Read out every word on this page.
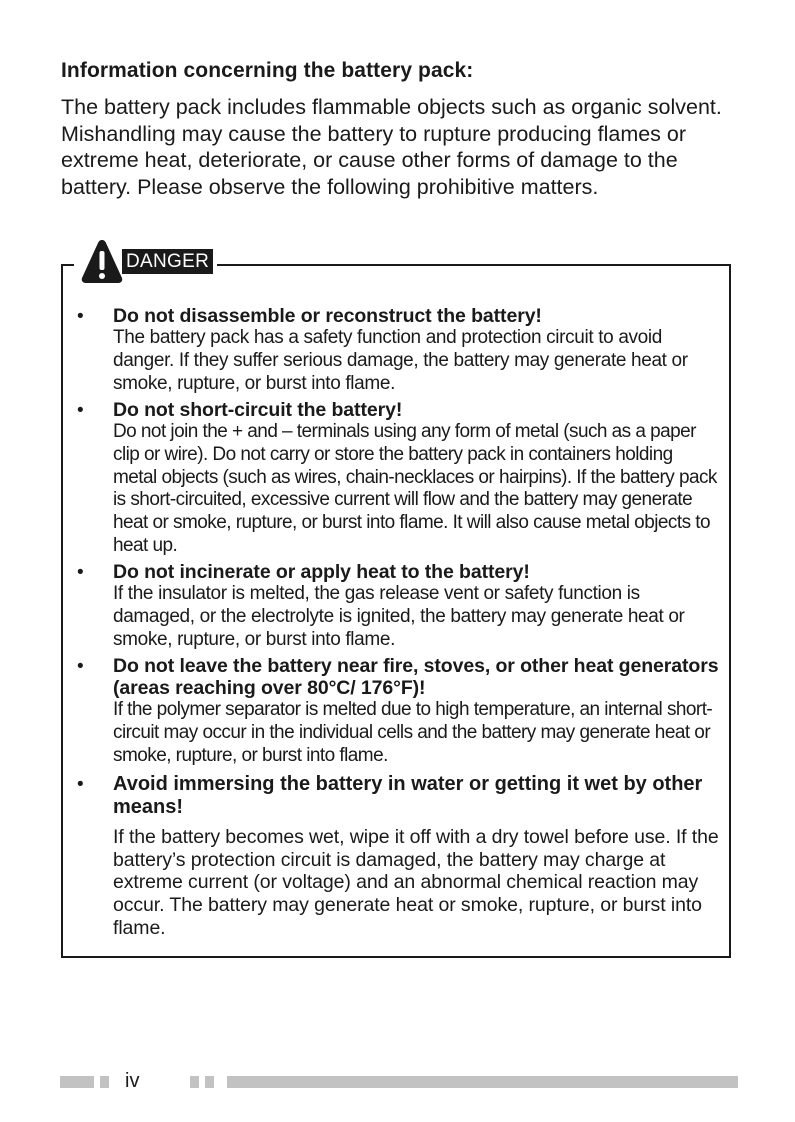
Information concerning the battery pack:

The battery pack includes flammable objects such as organic solvent. Mishandling may cause the battery to rupture producing flames or extreme heat, deteriorate, or cause other forms of damage to the battery. Please observe the following prohibitive matters.

DANGER
• Do not disassemble or reconstruct the battery!
The battery pack has a safety function and protection circuit to avoid danger. If they suffer serious damage, the battery may generate heat or smoke, rupture, or burst into flame.
• Do not short-circuit the battery!
Do not join the + and – terminals using any form of metal (such as a paper clip or wire). Do not carry or store the battery pack in containers holding metal objects (such as wires, chain-necklaces or hairpins). If the battery pack is short-circuited, excessive current will flow and the battery may generate heat or smoke, rupture, or burst into flame. It will also cause metal objects to heat up.
• Do not incinerate or apply heat to the battery!
If the insulator is melted, the gas release vent or safety function is damaged, or the electrolyte is ignited, the battery may generate heat or smoke, rupture, or burst into flame.
• Do not leave the battery near fire, stoves, or other heat generators (areas reaching over 80°C/ 176°F)!
If the polymer separator is melted due to high temperature, an internal short-circuit may occur in the individual cells and the battery may generate heat or smoke, rupture, or burst into flame.
• Avoid immersing the battery in water or getting it wet by other means!
If the battery becomes wet, wipe it off with a dry towel before use. If the battery’s protection circuit is damaged, the battery may charge at extreme current (or voltage) and an abnormal chemical reaction may occur. The battery may generate heat or smoke, rupture, or burst into flame.
iv
